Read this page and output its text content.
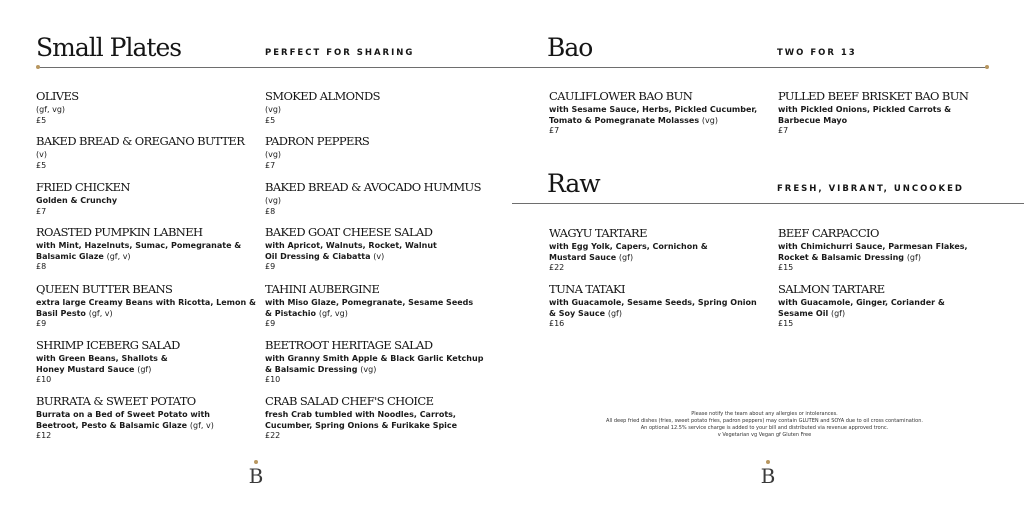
Small Plates	PERFECT FOR SHARING
OLIVES
(gf, vg)
£5
BAKED BREAD & OREGANO BUTTER
(v)
£5
FRIED CHICKEN
Golden & Crunchy
£7
ROASTED PUMPKIN LABNEH
with Mint, Hazelnuts, Sumac, Pomegranate & Balsamic Glaze (gf, v)
£8
QUEEN BUTTER BEANS
extra large Creamy Beans with Ricotta, Lemon & Basil Pesto (gf, v)
£9
SHRIMP ICEBERG SALAD
with Green Beans, Shallots & Honey Mustard Sauce (gf)
£10
BURRATA & SWEET POTATO
Burrata on a Bed of Sweet Potato with Beetroot, Pesto & Balsamic Glaze (gf, v)
£12
SMOKED ALMONDS
(vg)
£5
PADRON PEPPERS
(vg)
£7
BAKED BREAD & AVOCADO HUMMUS
(vg)
£8
BAKED GOAT CHEESE SALAD
with Apricot, Walnuts, Rocket, Walnut Oil Dressing & Ciabatta (v)
£9
TAHINI AUBERGINE
with Miso Glaze, Pomegranate, Sesame Seeds & Pistachio (gf, vg)
£9
BEETROOT HERITAGE SALAD
with Granny Smith Apple & Black Garlic Ketchup & Balsamic Dressing (vg)
£10
CRAB SALAD CHEF'S CHOICE
fresh Crab tumbled with Noodles, Carrots, Cucumber, Spring Onions & Furikake Spice
£22
B
Bao	TWO FOR 13
CAULIFLOWER BAO BUN
with Sesame Sauce, Herbs, Pickled Cucumber, Tomato & Pomegranate Molasses (vg)
£7
PULLED BEEF BRISKET BAO BUN
with Pickled Onions, Pickled Carrots & Barbecue Mayo
£7
Raw	FRESH, VIBRANT, UNCOOKED
WAGYU TARTARE
with Egg Yolk, Capers, Cornichon & Mustard Sauce (gf)
£22
TUNA TATAKI
with Guacamole, Sesame Seeds, Spring Onion & Soy Sauce (gf)
£16
BEEF CARPACCIO
with Chimichurri Sauce, Parmesan Flakes, Rocket & Balsamic Dressing (gf)
£15
SALMON TARTARE
with Guacamole, Ginger, Coriander & Sesame Oil (gf)
£15
Please notify the team about any allergies or intolerances.
All deep fried dishes (fries, sweet potato fries, padron peppers) may contain GLUTEN and SOYA due to oil cross contamination.
An optional 12.5% service charge is added to your bill and distributed via revenue approved tronc.
v Vegetarian vg Vegan gf Gluten Free
B
